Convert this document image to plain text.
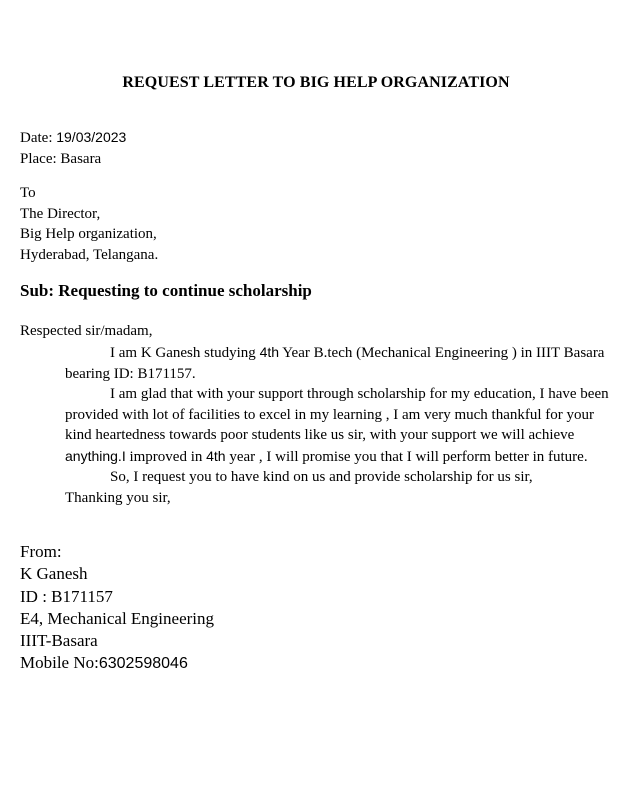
REQUEST LETTER TO BIG HELP ORGANIZATION
Date: 19/03/2023
Place: Basara
To
The Director,
Big Help organization,
Hyderabad, Telangana.
Sub: Requesting to continue scholarship
Respected sir/madam,

I am K Ganesh studying 4th Year B.tech (Mechanical Engineering ) in IIIT Basara bearing ID: B171157.

I am glad that with your support through scholarship for my education, I have been provided with lot of facilities to excel in my learning , I am very much thankful for your kind heartedness towards poor students like us sir, with your support we will achieve anything.I improved in 4th year , I will promise you that I will perform better in future.

So, I request you to have kind on us and provide scholarship for us sir,

Thanking you sir,
From:
K Ganesh
ID : B171157
E4, Mechanical Engineering
IIIT-Basara
Mobile No:6302598046
